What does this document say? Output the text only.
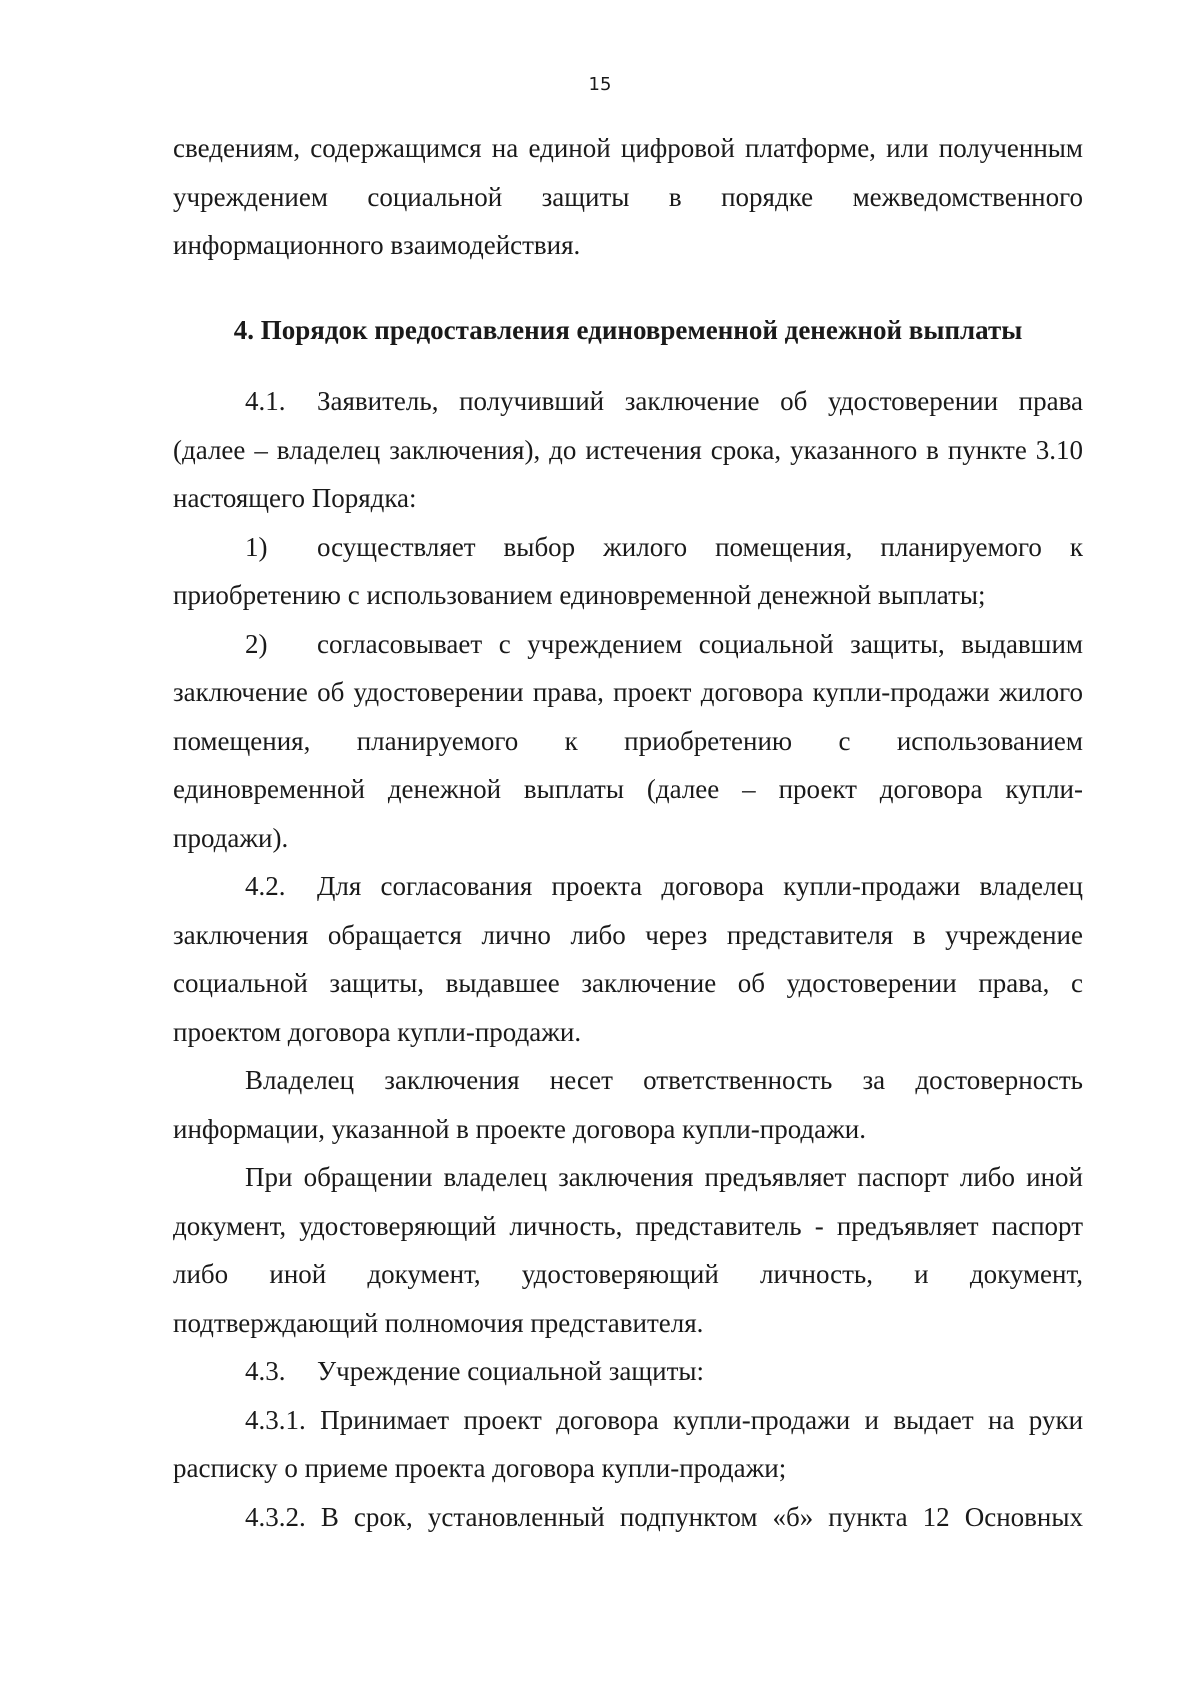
15

сведениям, содержащимся на единой цифровой платформе, или полученным учреждением социальной защиты в порядке межведомственного информационного взаимодействия.

4. Порядок предоставления единовременной денежной выплаты

4.1. Заявитель, получивший заключение об удостоверении права (далее – владелец заключения), до истечения срока, указанного в пункте 3.10 настоящего Порядка:

1) осуществляет выбор жилого помещения, планируемого к приобретению с использованием единовременной денежной выплаты;

2) согласовывает с учреждением социальной защиты, выдавшим заключение об удостоверении права, проект договора купли-продажи жилого помещения, планируемого к приобретению с использованием единовременной денежной выплаты (далее – проект договора купли-продажи).

4.2. Для согласования проекта договора купли-продажи владелец заключения обращается лично либо через представителя в учреждение социальной защиты, выдавшее заключение об удостоверении права, с проектом договора купли-продажи.

Владелец заключения несет ответственность за достоверность информации, указанной в проекте договора купли-продажи.

При обращении владелец заключения предъявляет паспорт либо иной документ, удостоверяющий личность, представитель - предъявляет паспорт либо иной документ, удостоверяющий личность, и документ, подтверждающий полномочия представителя.

4.3. Учреждение социальной защиты:

4.3.1. Принимает проект договора купли-продажи и выдает на руки расписку о приеме проекта договора купли-продажи;

4.3.2. В срок, установленный подпунктом «б» пункта 12 Основных
